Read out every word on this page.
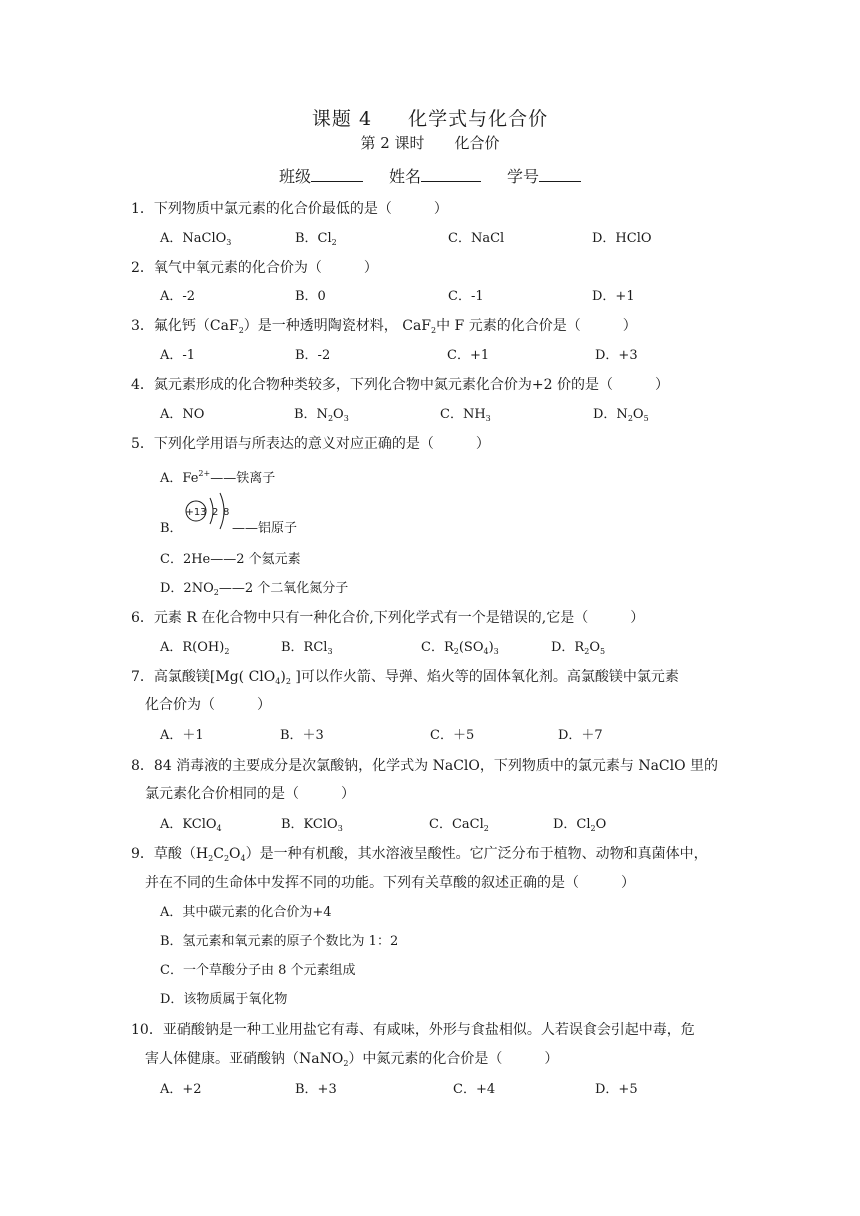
课题 4 化学式与化合价
第 2 课时 化合价
班级	姓名	学号
1．下列物质中氯元素的化合价最低的是（	）
A．NaClO3	B．Cl2	C．NaCl	D．HClO
2．氧气中氧元素的化合价为（	）
A．-2	B．0	C．-1	D．+1
3．氟化钙（CaF$_2$）是一种透明陶瓷材料， CaF$_2$中 F 元素的化合价是（	）
A．-1	B．-2	C．+1	D．+3
4．氮元素形成的化合物种类较多，下列化合物中氮元素化合价为+2 价的是（	）
A．NO	B．N2O3	C．NH3	D．N2O5
5．下列化学用语与所表达的意义对应正确的是（	）
A．Fe2+——铁离子
B．
+13 2 8
——铝原子
C．2He——2 个氦元素
D．2NO2——2 个二氧化氮分子
6．元素 R 在化合物中只有一种化合价,下列化学式有一个是错误的,它是（	）
A．R(OH)2	B．RCl3	C．R2(SO4)3	D．R2O5
7．高氯酸镁[Mg( $ClO_4)_2$ ]可以作火箭、导弹、焰火等的固体氧化剂。高氯酸镁中氯元素
化合价为（	）
A．＋1	B．＋3	C．＋5	D．＋7
8．84 消毒液的主要成分是次氯酸钠，化学式为 NaClO，下列物质中的氯元素与 NaClO 里的
氯元素化合价相同的是（	）
A．KClO4	B．KClO3	C．CaCl2	D．Cl2O
9．草酸$(H_2C_2O_4)$是一种有机酸，其水溶液呈酸性。它广泛分布于植物、动物和真菌体中，
并在不同的生命体中发挥不同的功能。下列有关草酸的叙述正确的是（	）
A．其中碳元素的化合价为+4
B．氢元素和氧元素的原子个数比为 1：2
C．一个草酸分子由 8 个元素组成
D．该物质属于氧化物
10．亚硝酸钠是一种工业用盐它有毒、有咸味，外形与食盐相似。人若误食会引起中毒，危
害人体健康。亚硝酸钠（NaNO$_2$）中氮元素的化合价是（	）
A．+2	B．+3	C．+4	D．+5
